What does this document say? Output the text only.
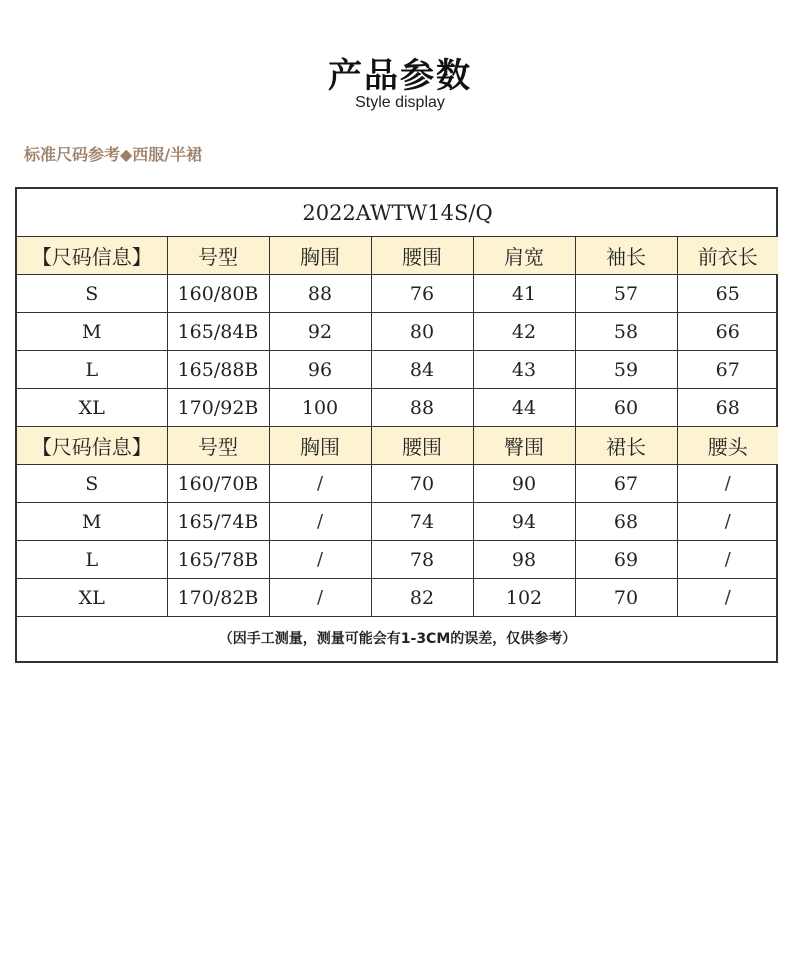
产品参数
Style display
标准尺码参考◆西服/半裙
2022AWTW14S/Q						
【尺码信息】	号型	胸围	腰围	肩宽	袖长	前衣长
S	160/80B	88	76	41	57	65
M	165/84B	92	80	42	58	66
L	165/88B	96	84	43	59	67
XL	170/92B	100	88	44	60	68
【尺码信息】	号型	胸围	腰围	臀围	裙长	腰头
S	160/70B	/	70	90	67	/
M	165/74B	/	74	94	68	/
L	165/78B	/	78	98	69	/
XL	170/82B	/	82	102	70	/
（因手工测量，测量可能会有1-3CM的误差，仅供参考）						
